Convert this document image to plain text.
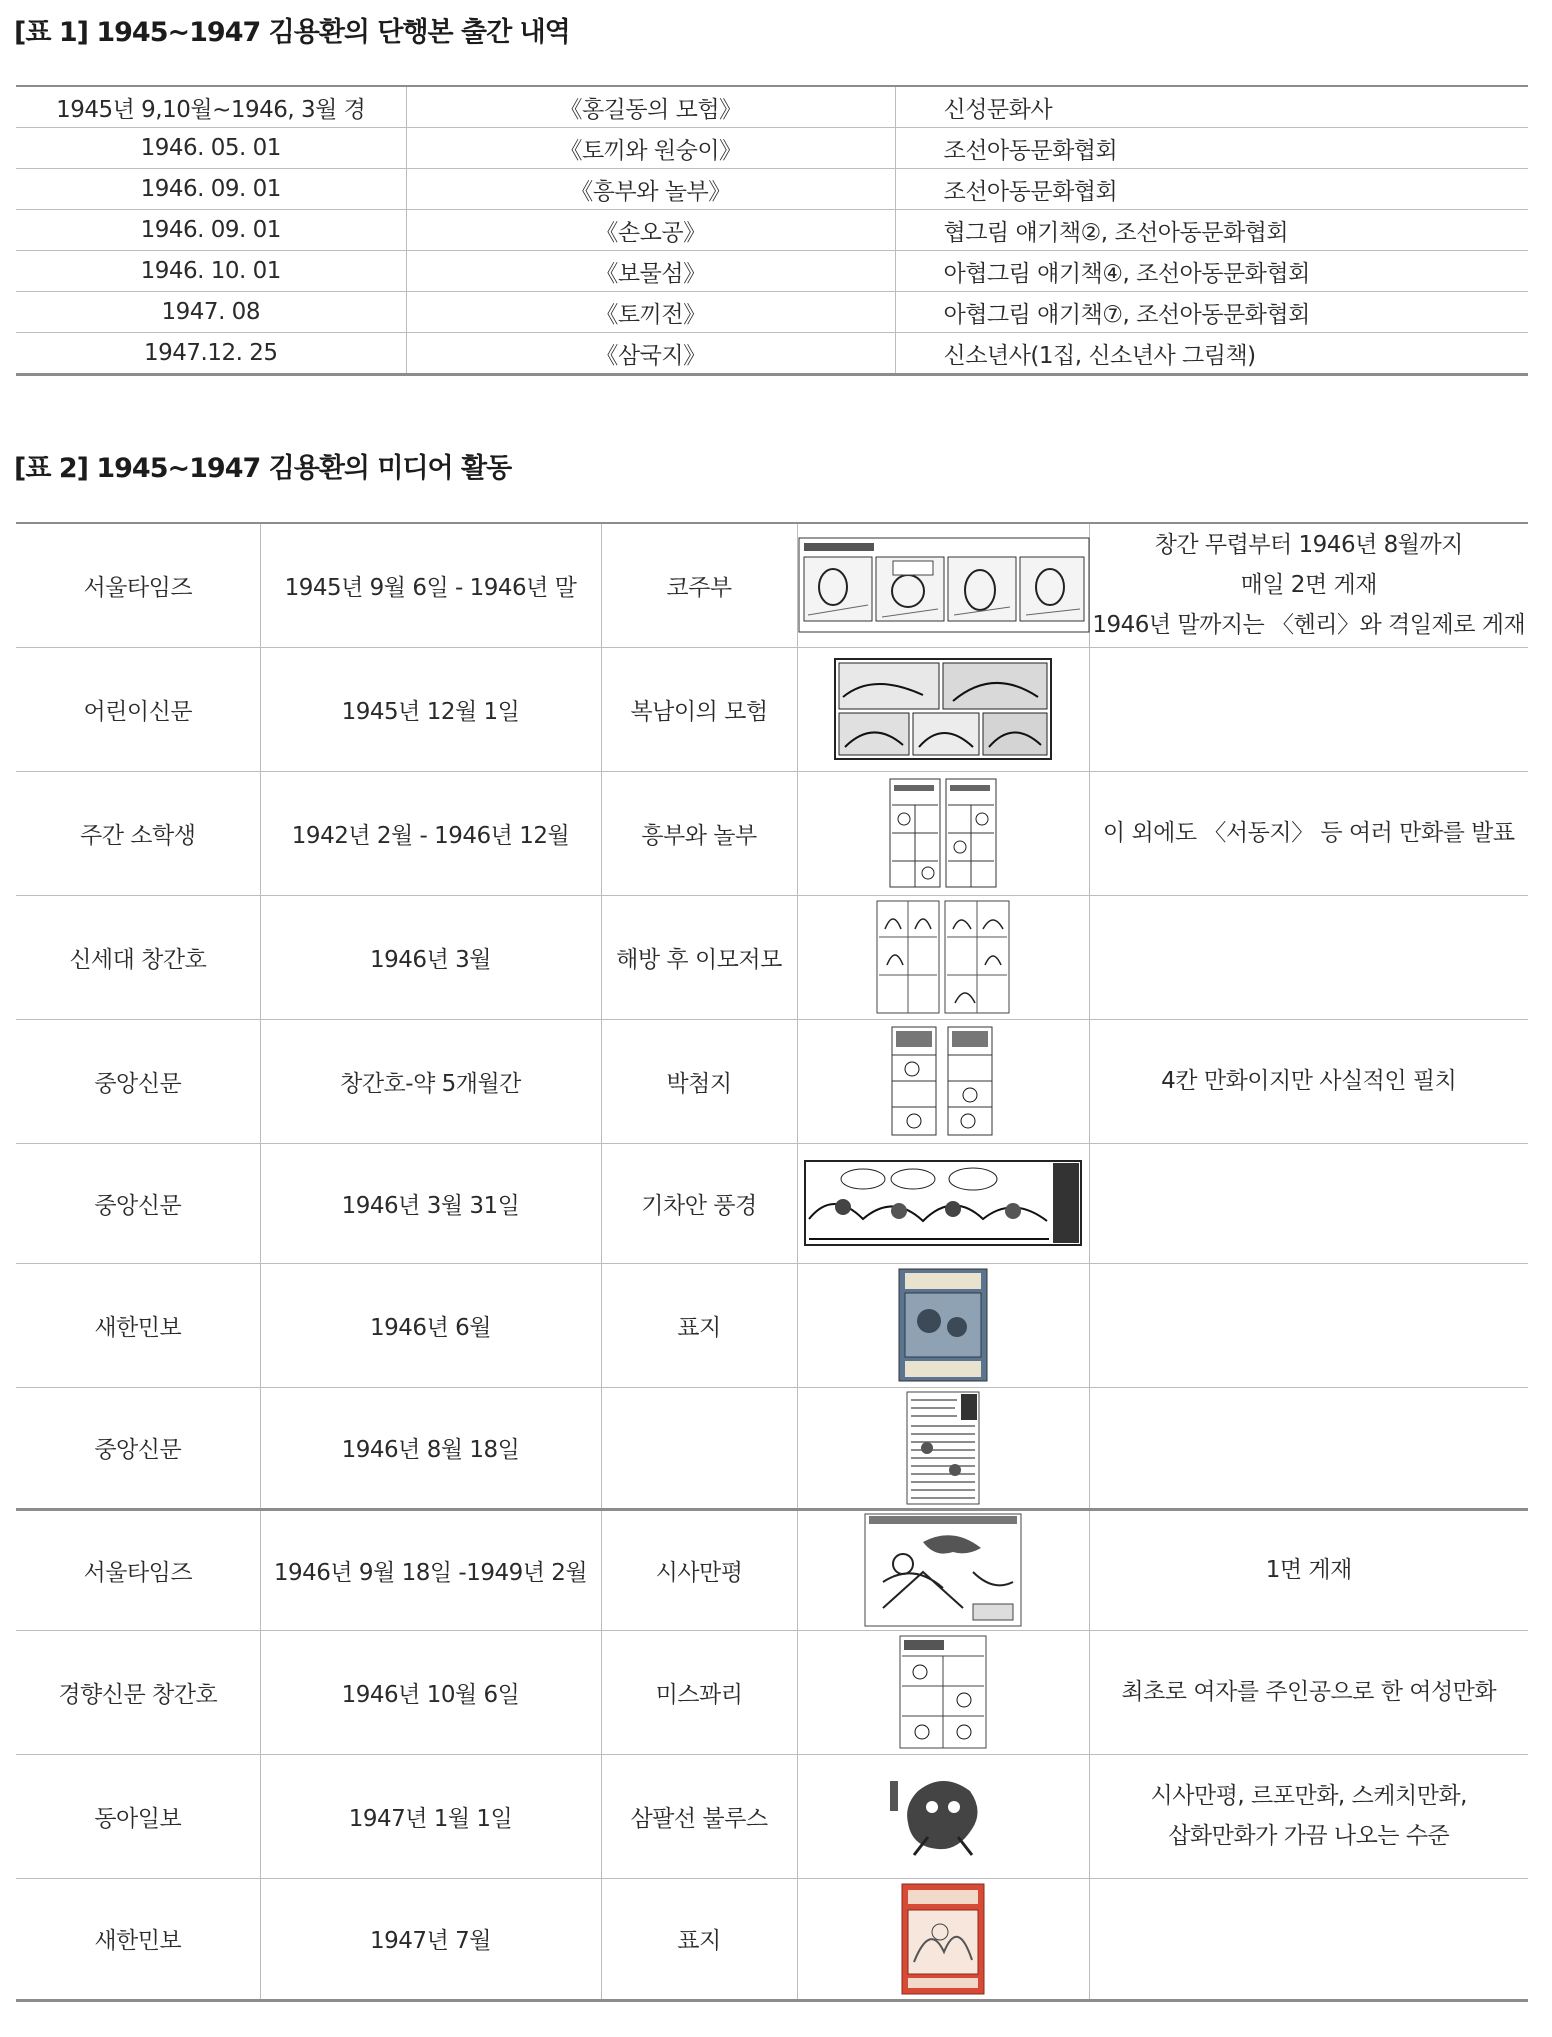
[표 1] 1945~1947 김용환의 단행본 출간 내역
1945년 9,10월~1946, 3월 경	《홍길동의 모험》	신성문화사
1946. 05. 01	《토끼와 원숭이》	조선아동문화협회
1946. 09. 01	《흥부와 놀부》	조선아동문화협회
1946. 09. 01	《손오공》	협그림 얘기책②, 조선아동문화협회
1946. 10. 01	《보물섬》	아협그림 얘기책④, 조선아동문화협회
1947. 08	《토끼전》	아협그림 얘기책⑦, 조선아동문화협회
1947.12. 25	《삼국지》	신소년사(1집, 신소년사 그림책)
[표 2] 1945~1947 김용환의 미디어 활동
서울타임즈	1945년 9월 6일 - 1946년 말	코주부		창간 무렵부터 1946년 8월까지
매일 2면 게재
1946년 말까지는 〈헨리〉와 격일제로 게재

어린이신문	1945년 12월 1일	복남이의 모험	

주간 소학생	1942년 2월 - 1946년 12월	흥부와 놀부		이 외에도 〈서동지〉 등 여러 만화를 발표

신세대 창간호	1946년 3월	해방 후 이모저모	

중앙신문	창간호-약 5개월간	박첨지		4칸 만화이지만 사실적인 필치

중앙신문	1946년 3월 31일	기차안 풍경	

새한민보	1946년 6월	표지	

중앙신문	1946년 8월 18일		

서울타임즈	1946년 9월 18일 -1949년 2월	시사만평		1면 게재

경향신문 창간호	1946년 10월 6일	미스꽈리		최초로 여자를 주인공으로 한 여성만화

동아일보	1947년 1월 1일	삼팔선 불루스		시사만평, 르포만화, 스케치만화,
삽화만화가 가끔 나오는 수준

새한민보	1947년 7월	표지	
